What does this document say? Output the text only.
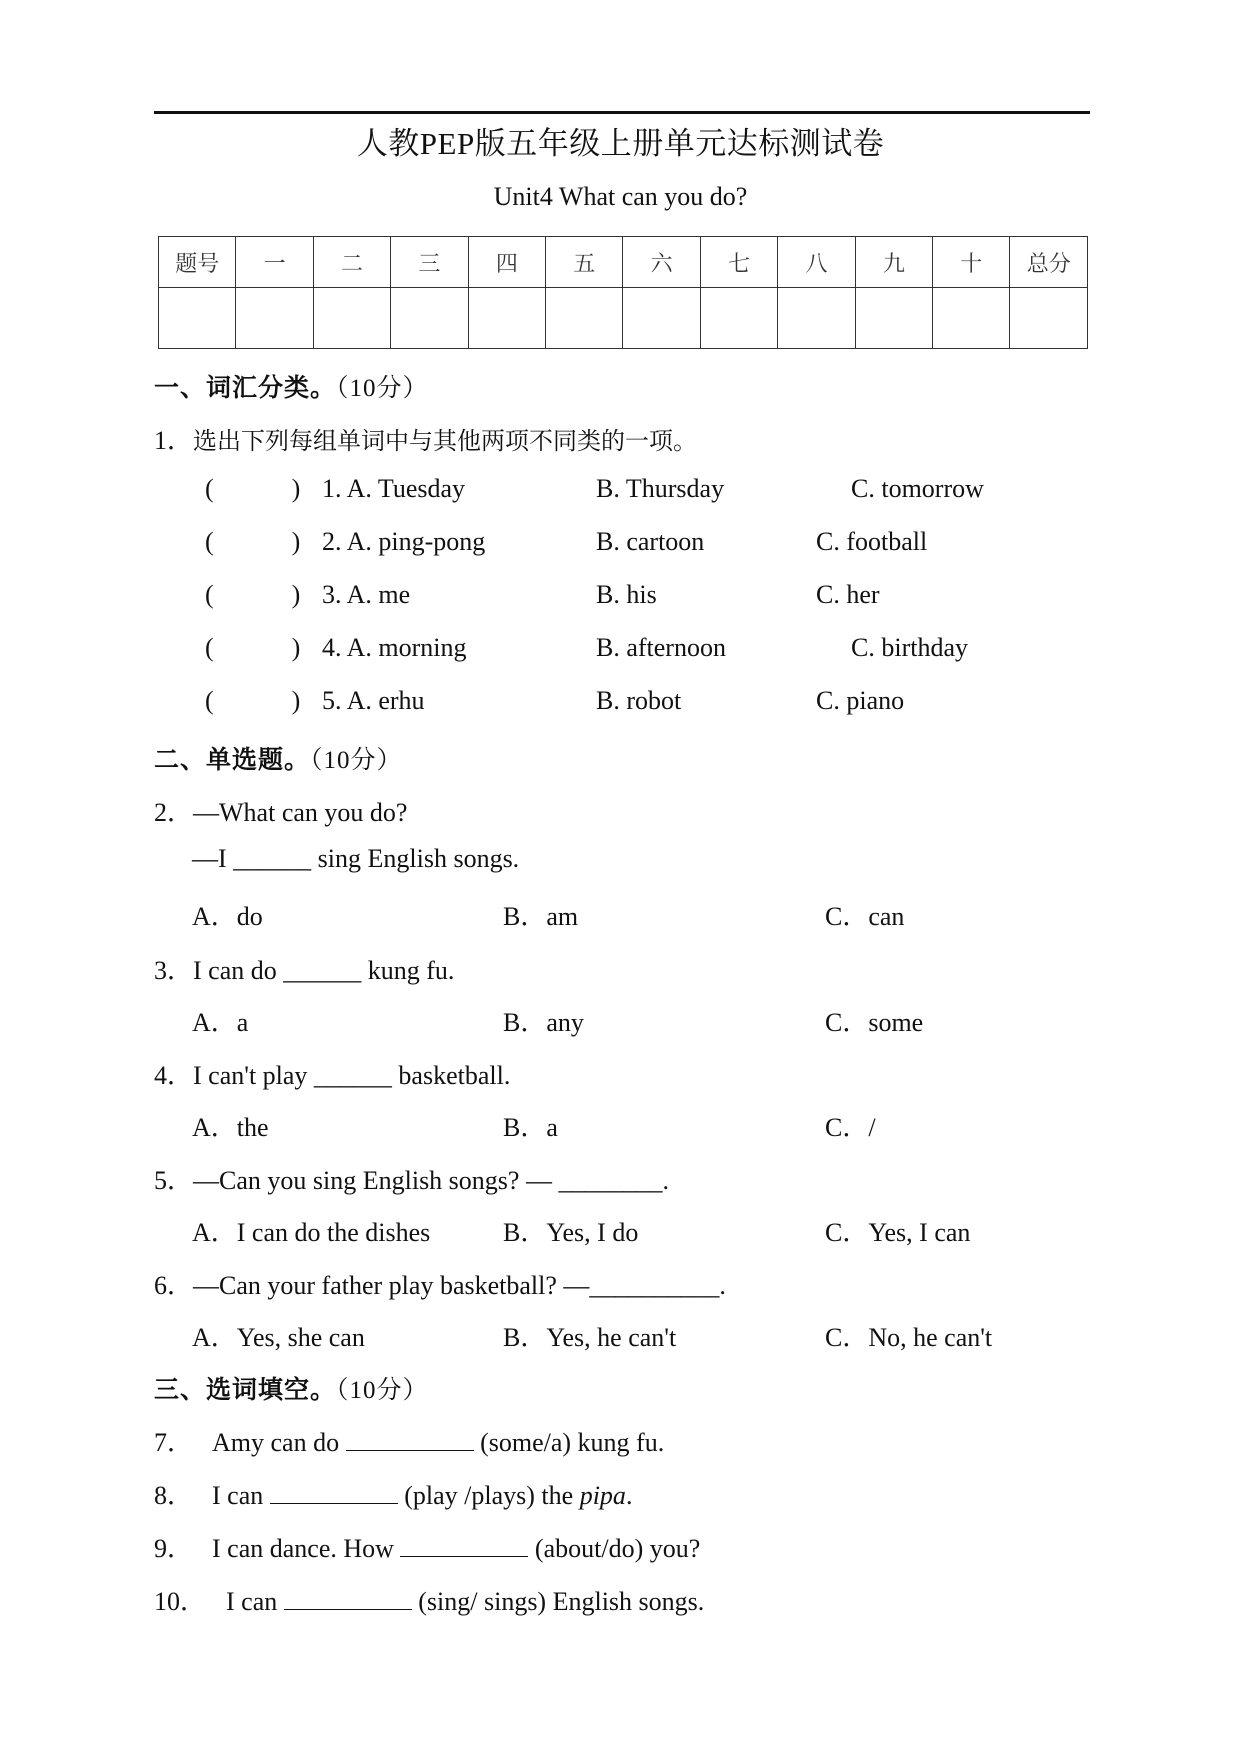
人教PEP版五年级上册单元达标测试卷
Unit4 What can you do?
题号	一	二	三	四	五	六	七	八	九	十	总分

一、词汇分类。（10分）
1．选出下列每组单词中与其他两项不同类的一项。
(            ) 1. A. Tuesday	B. Thursday	C. tomorrow
(            ) 2. A. ping-pong	B. cartoon	C. football
(            ) 3. A. me	B. his	C. her
(            ) 4. A. morning	B. afternoon	C. birthday
(            ) 5. A. erhu	B. robot	C. piano
二、单选题。（10分）
2．—What can you do?
—I ______ sing English songs.
A．do	B．am	C．can
3．I can do ______ kung fu.
A．a	B．any	C．some
4．I can't play ______ basketball.
A．the	B．a	C．/
5．—Can you sing English songs? — ________.
A．I can do the dishes	B．Yes, I do	C．Yes, I can
6．—Can your father play basketball? —__________.
A．Yes, she can	B．Yes, he can't	C．No, he can't
三、选词填空。（10分）
7． Amy can do	(some/a) kung fu.
8． I can	(play /plays) the pipa.
9． I can dance. How	(about/do) you?
10． I can	(sing/ sings) English songs.
